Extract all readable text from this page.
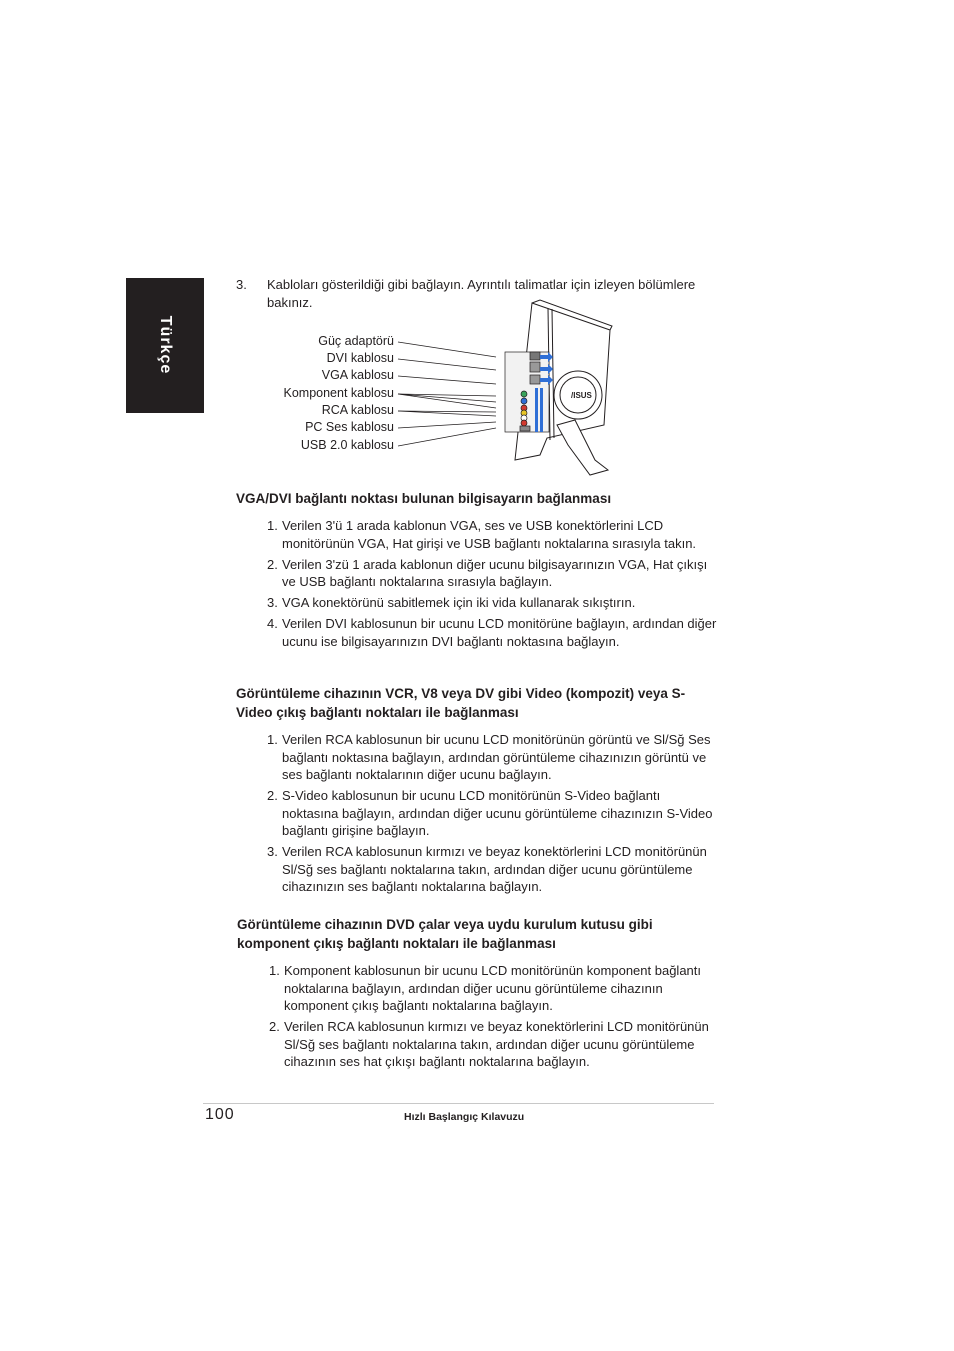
Türkçe
3. Kabloları gösterildiği gibi bağlayın. Ayrıntılı talimatlar için izleyen bölümlere bakınız.
Güç adaptörü
DVI kablosu
VGA kablosu
Komponent kablosu
RCA kablosu
PC Ses kablosu
USB 2.0 kablosu
/ISUS
VGA/DVI bağlantı noktası bulunan bilgisayarın bağlanması
1. Verilen 3'ü 1 arada kablonun VGA, ses ve USB konektörlerini LCD monitörünün VGA, Hat girişi ve USB bağlantı noktalarına sırasıyla takın.
2. Verilen 3'zü 1 arada kablonun diğer ucunu bilgisayarınızın VGA, Hat çıkışı ve USB bağlantı noktalarına sırasıyla bağlayın.
3. VGA konektörünü sabitlemek için iki vida kullanarak sıkıştırın.
4. Verilen DVI kablosunun bir ucunu LCD monitörüne bağlayın, ardından diğer ucunu ise bilgisayarınızın DVI bağlantı noktasına bağlayın.
Görüntüleme cihazının VCR, V8 veya DV gibi Video (kompozit) veya S-Video çıkış bağlantı noktaları ile bağlanması
1. Verilen RCA kablosunun bir ucunu LCD monitörünün görüntü ve Sl/Sğ Ses bağlantı noktasına bağlayın, ardından görüntüleme cihazınızın görüntü ve ses bağlantı noktalarının diğer ucunu bağlayın.
2. S-Video kablosunun bir ucunu LCD monitörünün S-Video bağlantı noktasına bağlayın, ardından diğer ucunu görüntüleme cihazınızın S-Video bağlantı girişine bağlayın.
3. Verilen RCA kablosunun kırmızı ve beyaz konektörlerini LCD monitörünün Sl/Sğ ses bağlantı noktalarına takın, ardından diğer ucunu görüntüleme cihazınızın ses bağlantı noktalarına bağlayın.
Görüntüleme cihazının DVD çalar veya uydu kurulum kutusu gibi komponent çıkış bağlantı noktaları ile bağlanması
1. Komponent kablosunun bir ucunu LCD monitörünün komponent bağlantı noktalarına bağlayın, ardından diğer ucunu görüntüleme cihazının komponent çıkış bağlantı noktalarına bağlayın.
2. Verilen RCA kablosunun kırmızı ve beyaz konektörlerini LCD monitörünün Sl/Sğ ses bağlantı noktalarına takın, ardından diğer ucunu görüntüleme cihazının ses hat çıkışı bağlantı noktalarına bağlayın.
100	Hızlı Başlangıç Kılavuzu
